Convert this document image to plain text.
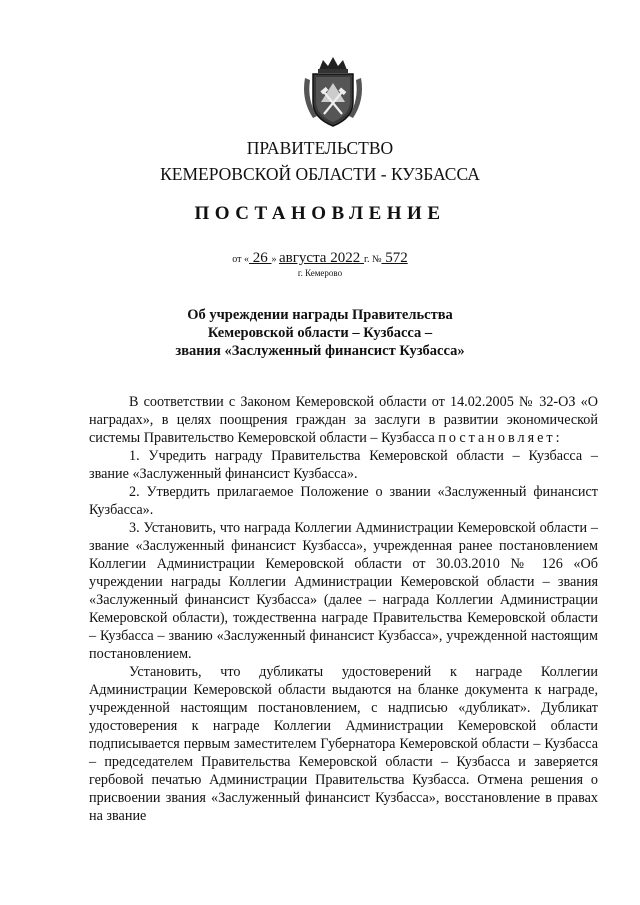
ПРАВИТЕЛЬСТВО
КЕМЕРОВСКОЙ ОБЛАСТИ - КУЗБАССА
ПОСТАНОВЛЕНИЕ
от « 26 » августа 2022 г. № 572
г. Кемерово
Об учреждении награды Правительства
Кемеровской области – Кузбасса –
звания «Заслуженный финансист Кузбасса»

В соответствии с Законом Кемеровской области от 14.02.2005 № 32-ОЗ «О наградах», в целях поощрения граждан за заслуги в развитии экономической системы Правительство Кемеровской области – Кузбасса постановляет:

1. Учредить награду Правительства Кемеровской области – Кузбасса – звание «Заслуженный финансист Кузбасса».

2. Утвердить прилагаемое Положение о звании «Заслуженный финансист Кузбасса».

3. Установить, что награда Коллегии Администрации Кемеровской области – звание «Заслуженный финансист Кузбасса», учрежденная ранее постановлением Коллегии Администрации Кемеровской области от 30.03.2010 № 126 «Об учреждении награды Коллегии Администрации Кемеровской области – звания «Заслуженный финансист Кузбасса» (далее – награда Коллегии Администрации Кемеровской области), тождественна награде Правительства Кемеровской области – Кузбасса – званию «Заслуженный финансист Кузбасса», учрежденной настоящим постановлением.

Установить, что дубликаты удостоверений к награде Коллегии Администрации Кемеровской области выдаются на бланке документа к награде, учрежденной настоящим постановлением, с надписью «дубликат». Дубликат удостоверения к награде Коллегии Администрации Кемеровской области подписывается первым заместителем Губернатора Кемеровской области – Кузбасса – председателем Правительства Кемеровской области – Кузбасса и заверяется гербовой печатью Администрации Правительства Кузбасса. Отмена решения о присвоении звания «Заслуженный финансист Кузбасса», восстановление в правах на звание
